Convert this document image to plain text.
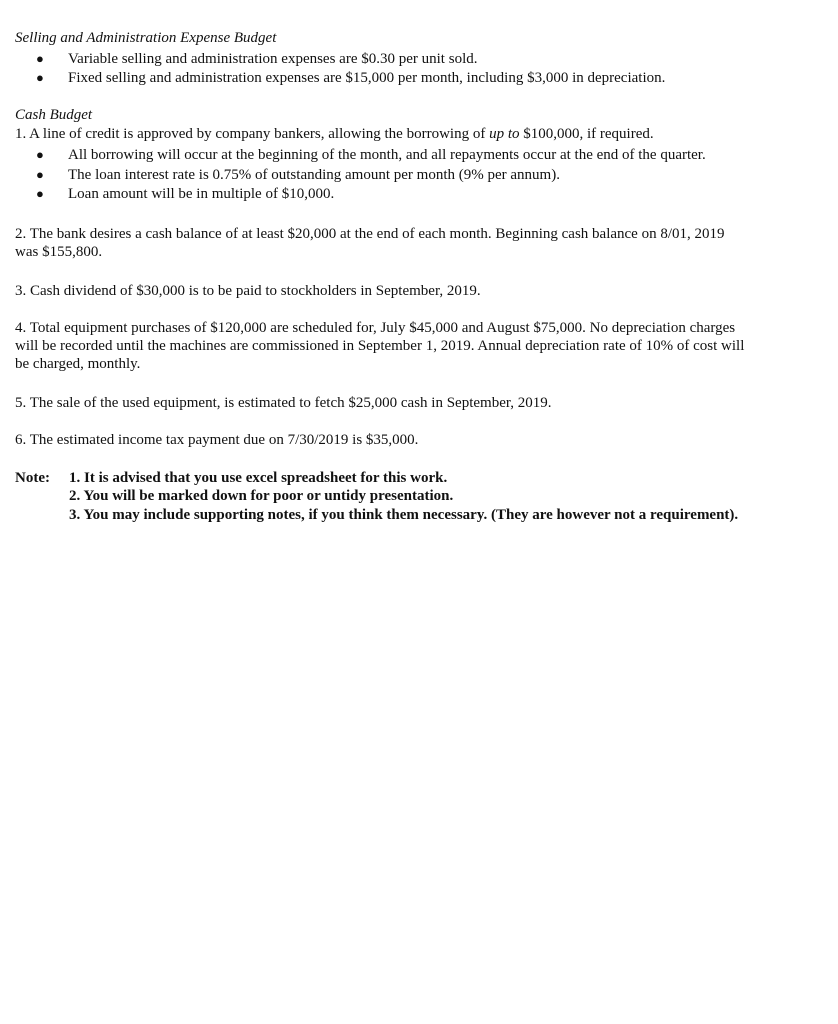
Selling and Administration Expense Budget
● Variable selling and administration expenses are $0.30 per unit sold.
● Fixed selling and administration expenses are $15,000 per month, including $3,000 in depreciation.
Cash Budget
1. A line of credit is approved by company bankers, allowing the borrowing of up to $100,000, if required.
● All borrowing will occur at the beginning of the month, and all repayments occur at the end of the quarter.
● The loan interest rate is 0.75% of outstanding amount per month (9% per annum).
● Loan amount will be in multiple of $10,000.
2. The bank desires a cash balance of at least $20,000 at the end of each month. Beginning cash balance on 8/01, 2019
was $155,800.
3. Cash dividend of $30,000 is to be paid to stockholders in September, 2019.
4. Total equipment purchases of $120,000 are scheduled for, July $45,000 and August $75,000. No depreciation charges
will be recorded until the machines are commissioned in September 1, 2019. Annual depreciation rate of 10% of cost will
be charged, monthly.
5. The sale of the used equipment, is estimated to fetch $25,000 cash in September, 2019.
6. The estimated income tax payment due on 7/30/2019 is $35,000.
Note: 1. It is advised that you use excel spreadsheet for this work.
2. You will be marked down for poor or untidy presentation.
3. You may include supporting notes, if you think them necessary. (They are however not a requirement).
